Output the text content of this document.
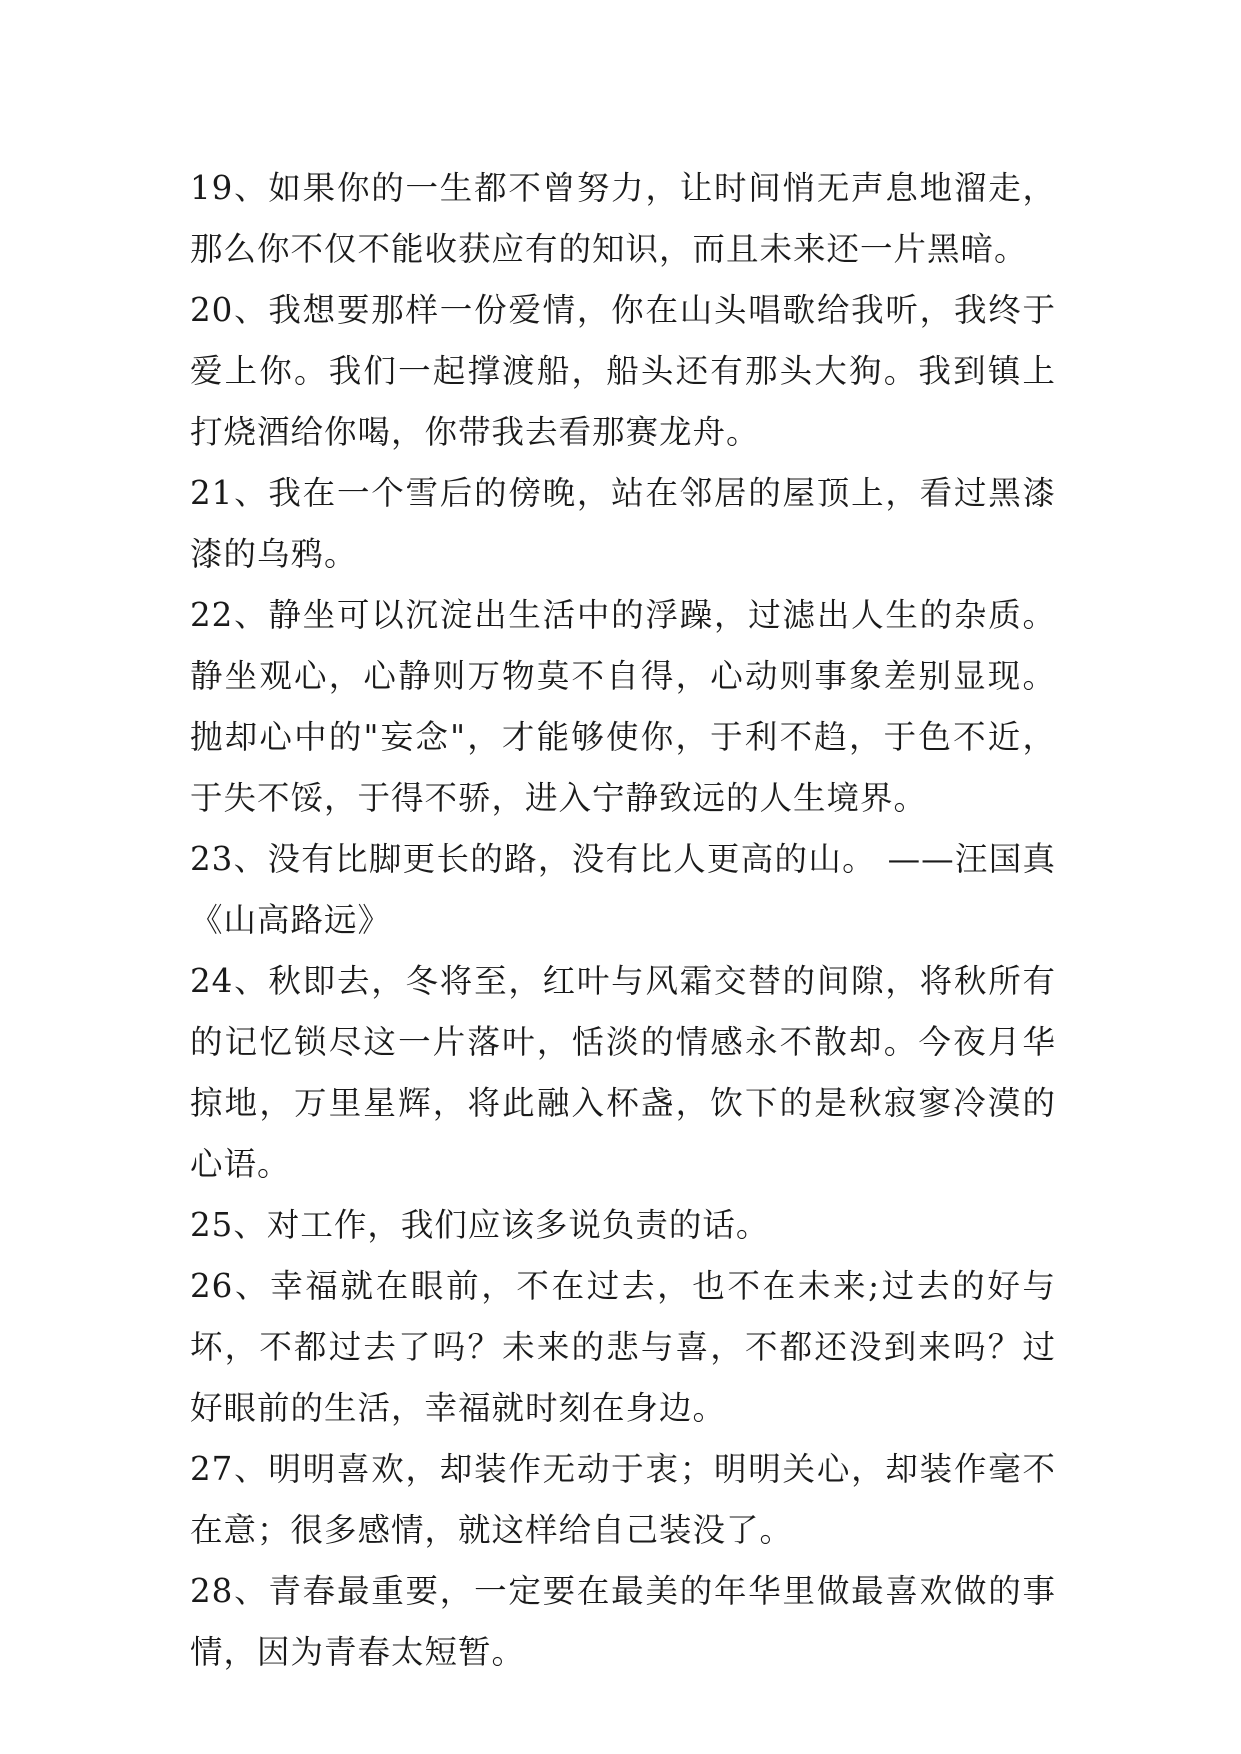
19、如果你的一生都不曾努力，让时间悄无声息地溜走，那么你不仅不能收获应有的知识，而且未来还一片黑暗。

20、我想要那样一份爱情，你在山头唱歌给我听，我终于爱上你。我们一起撑渡船，船头还有那头大狗。我到镇上打烧酒给你喝，你带我去看那赛龙舟。

21、我在一个雪后的傍晚，站在邻居的屋顶上，看过黑漆漆的乌鸦。

22、静坐可以沉淀出生活中的浮躁，过滤出人生的杂质。静坐观心，心静则万物莫不自得，心动则事象差别显现。抛却心中的"妄念"，才能够使你，于利不趋，于色不近，于失不馁，于得不骄，进入宁静致远的人生境界。

23、没有比脚更长的路，没有比人更高的山。 ——汪国真《山高路远》

24、秋即去，冬将至，红叶与风霜交替的间隙，将秋所有的记忆锁尽这一片落叶，恬淡的情感永不散却。今夜月华掠地，万里星辉，将此融入杯盏，饮下的是秋寂寥冷漠的心语。

25、对工作，我们应该多说负责的话。

26、幸福就在眼前，不在过去，也不在未来;过去的好与坏，不都过去了吗？未来的悲与喜，不都还没到来吗？过好眼前的生活，幸福就时刻在身边。

27、明明喜欢，却装作无动于衷；明明关心，却装作毫不在意；很多感情，就这样给自己装没了。

28、青春最重要，一定要在最美的年华里做最喜欢做的事情，因为青春太短暂。
